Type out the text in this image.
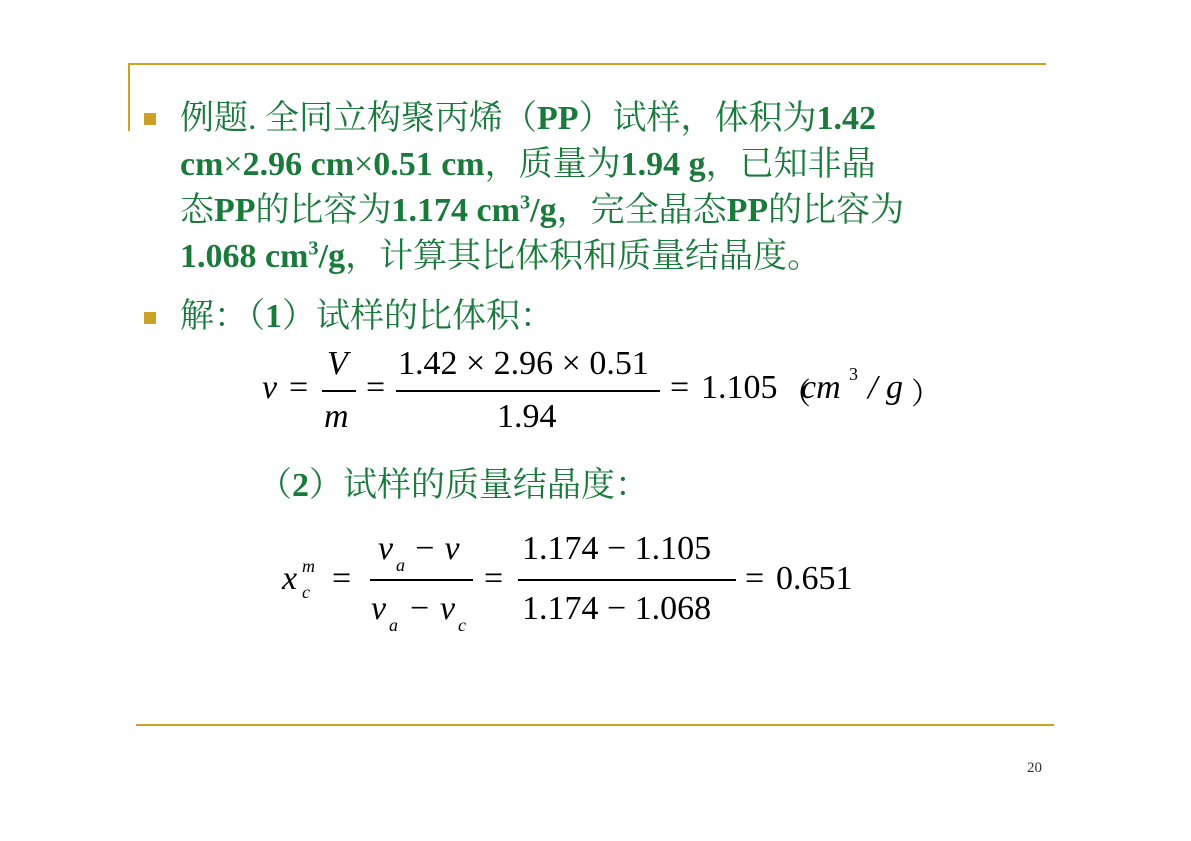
例题. 全同立构聚丙烯（PP）试样，体积为1.42
cm×2.96 cm×0.51 cm，质量为1.94 g，已知非晶
态PP的比容为1.174 $cm^3/g$，完全晶态PP的比容为
1.068 $cm^3/g$，计算其比体积和质量结晶度。
解：（1）试样的比体积：
v =
V
m
=
1.42 × 2.96 × 0.51
1.94
= 1.105 （
cm 3 / g ）
（2）试样的质量结晶度：
x m
c =
v a − v
v a − v c
=
1.174 − 1.105
1.174 − 1.068
= 0.651
20
